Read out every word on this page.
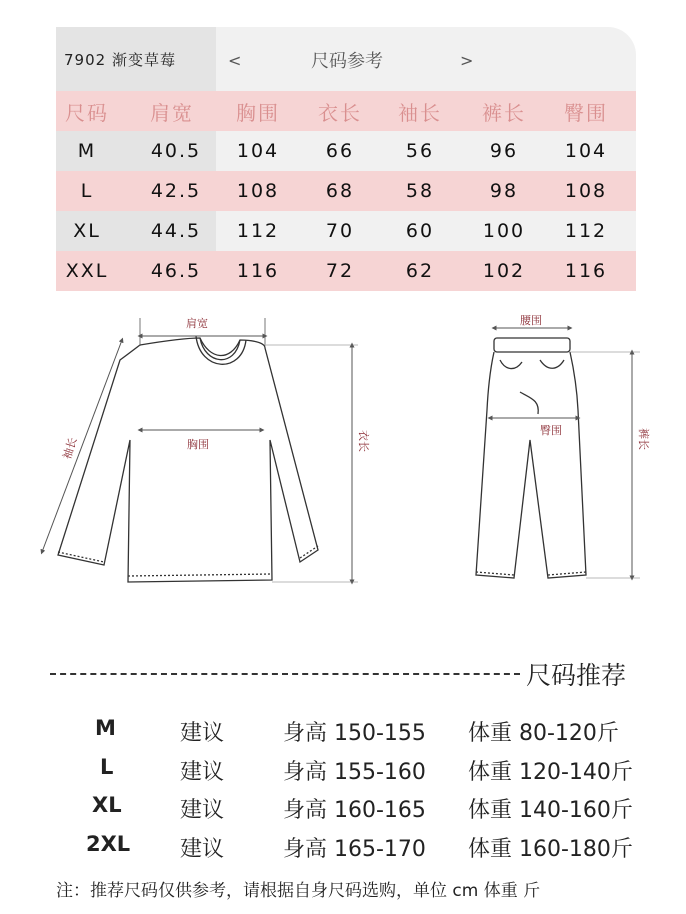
7902 渐变草莓	<	尺码参考	>
尺码	肩宽	胸围	衣长	袖长	裤长	臀围
M	40.5	104	66	56	96	104
L	42.5	108	68	58	98	108
XL	44.5	112	70	60	100	112
XXL	46.5	116	72	62	102	116
肩宽
胸围	衣长
袖长
腰围
臀围	裤长
尺码推荐
M	建议	身高 150-155 体重 80-120斤
L	建议	身高 155-160 体重 120-140斤
XL	建议	身高 160-165 体重 140-160斤
2XL 建议	身高 165-170 体重 160-180斤
注：推荐尺码仅供参考，请根据自身尺码选购，单位 cm 体重 斤
